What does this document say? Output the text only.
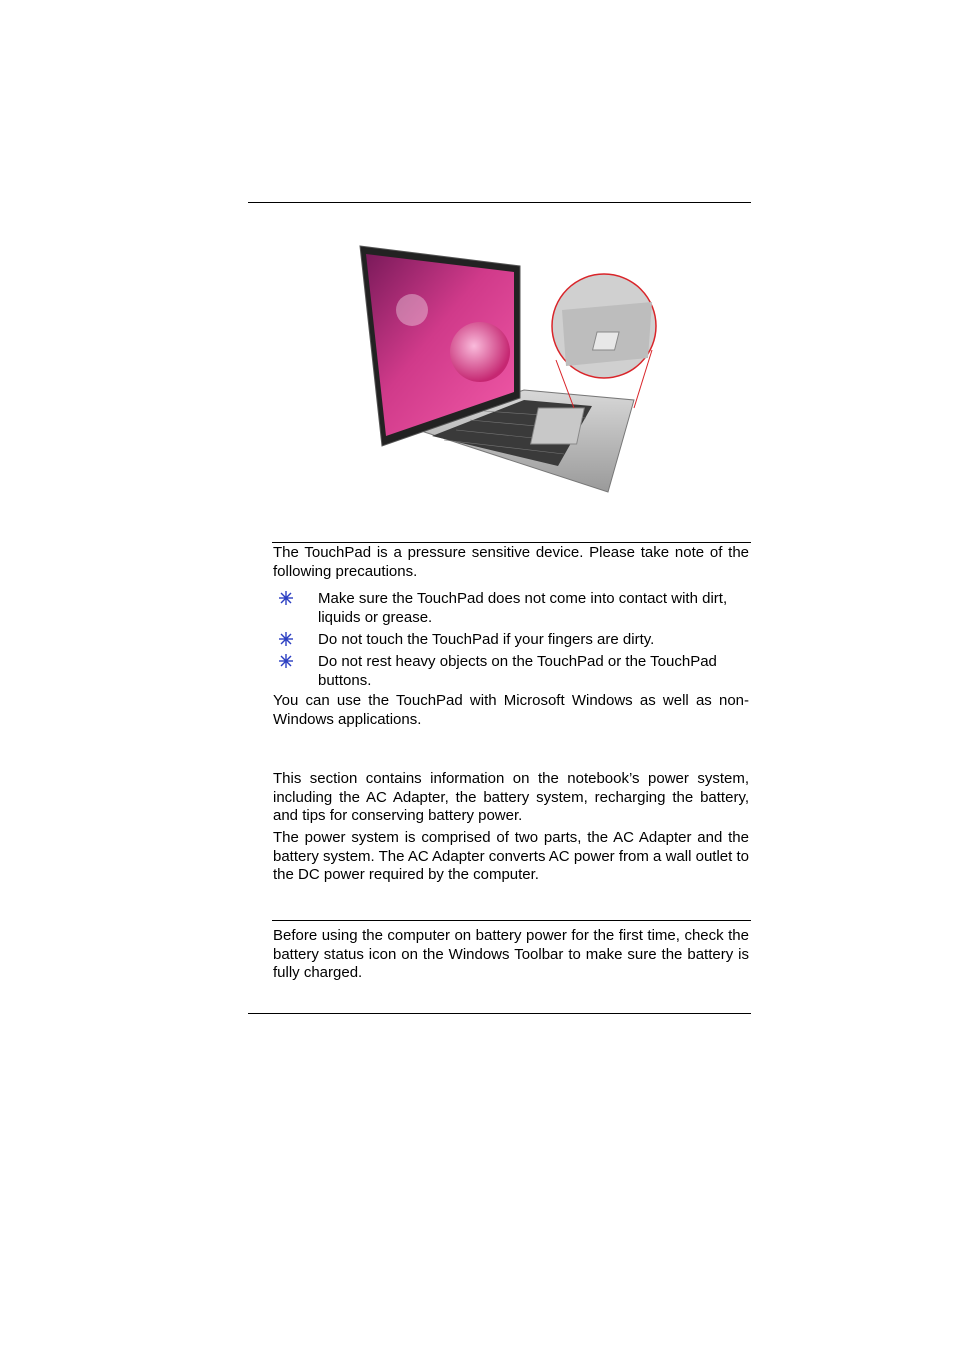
The TouchPad is a pressure sensitive device. Please take note of the following precautions.

Make sure the TouchPad does not come into contact with dirt, liquids or grease.
Do not touch the TouchPad if your fingers are dirty.
Do not rest heavy objects on the TouchPad or the TouchPad buttons.

You can use the TouchPad with Microsoft Windows as well as non-Windows applications.

This section contains information on the notebook’s power system, including the AC Adapter, the battery system, recharging the battery, and tips for conserving battery power.

The power system is comprised of two parts, the AC Adapter and the battery system. The AC Adapter converts AC power from a wall outlet to the DC power required by the computer.

Before using the computer on battery power for the first time, check the battery status icon on the Windows Toolbar to make sure the battery is fully charged.
